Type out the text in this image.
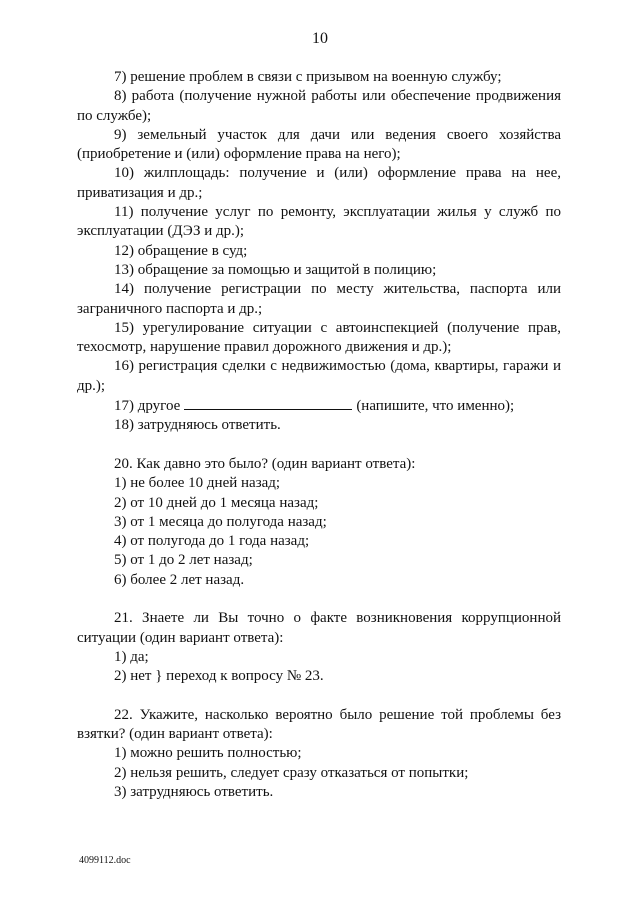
10

7) решение проблем в связи с призывом на военную службу;

8) работа (получение нужной работы или обеспечение продвижения по службе);

9) земельный участок для дачи или ведения своего хозяйства (приобретение и (или) оформление права на него);

10) жилплощадь: получение и (или) оформление права на нее, приватизация и др.;

11) получение услуг по ремонту, эксплуатации жилья у служб по эксплуатации (ДЭЗ и др.);

12) обращение в суд;

13) обращение за помощью и защитой в полицию;

14) получение регистрации по месту жительства, паспорта или заграничного паспорта и др.;

15) урегулирование ситуации с автоинспекцией (получение прав, техосмотр, нарушение правил дорожного движения и др.);

16) регистрация сделки с недвижимостью (дома, квартиры, гаражи и др.);

17) другое	(напишите, что именно);

18) затрудняюсь ответить.

20. Как давно это было? (один вариант ответа):

1) не более 10 дней назад;

2) от 10 дней до 1 месяца назад;

3) от 1 месяца до полугода назад;

4) от полугода до 1 года назад;

5) от 1 до 2 лет назад;

6) более 2 лет назад.

21. Знаете ли Вы точно о факте возникновения коррупционной ситуации (один вариант ответа):

1) да;

2) нет } переход к вопросу № 23.

22. Укажите, насколько вероятно было решение той проблемы без взятки? (один вариант ответа):

1) можно решить полностью;

2) нельзя решить, следует сразу отказаться от попытки;

3) затрудняюсь ответить.

4099112.doc
